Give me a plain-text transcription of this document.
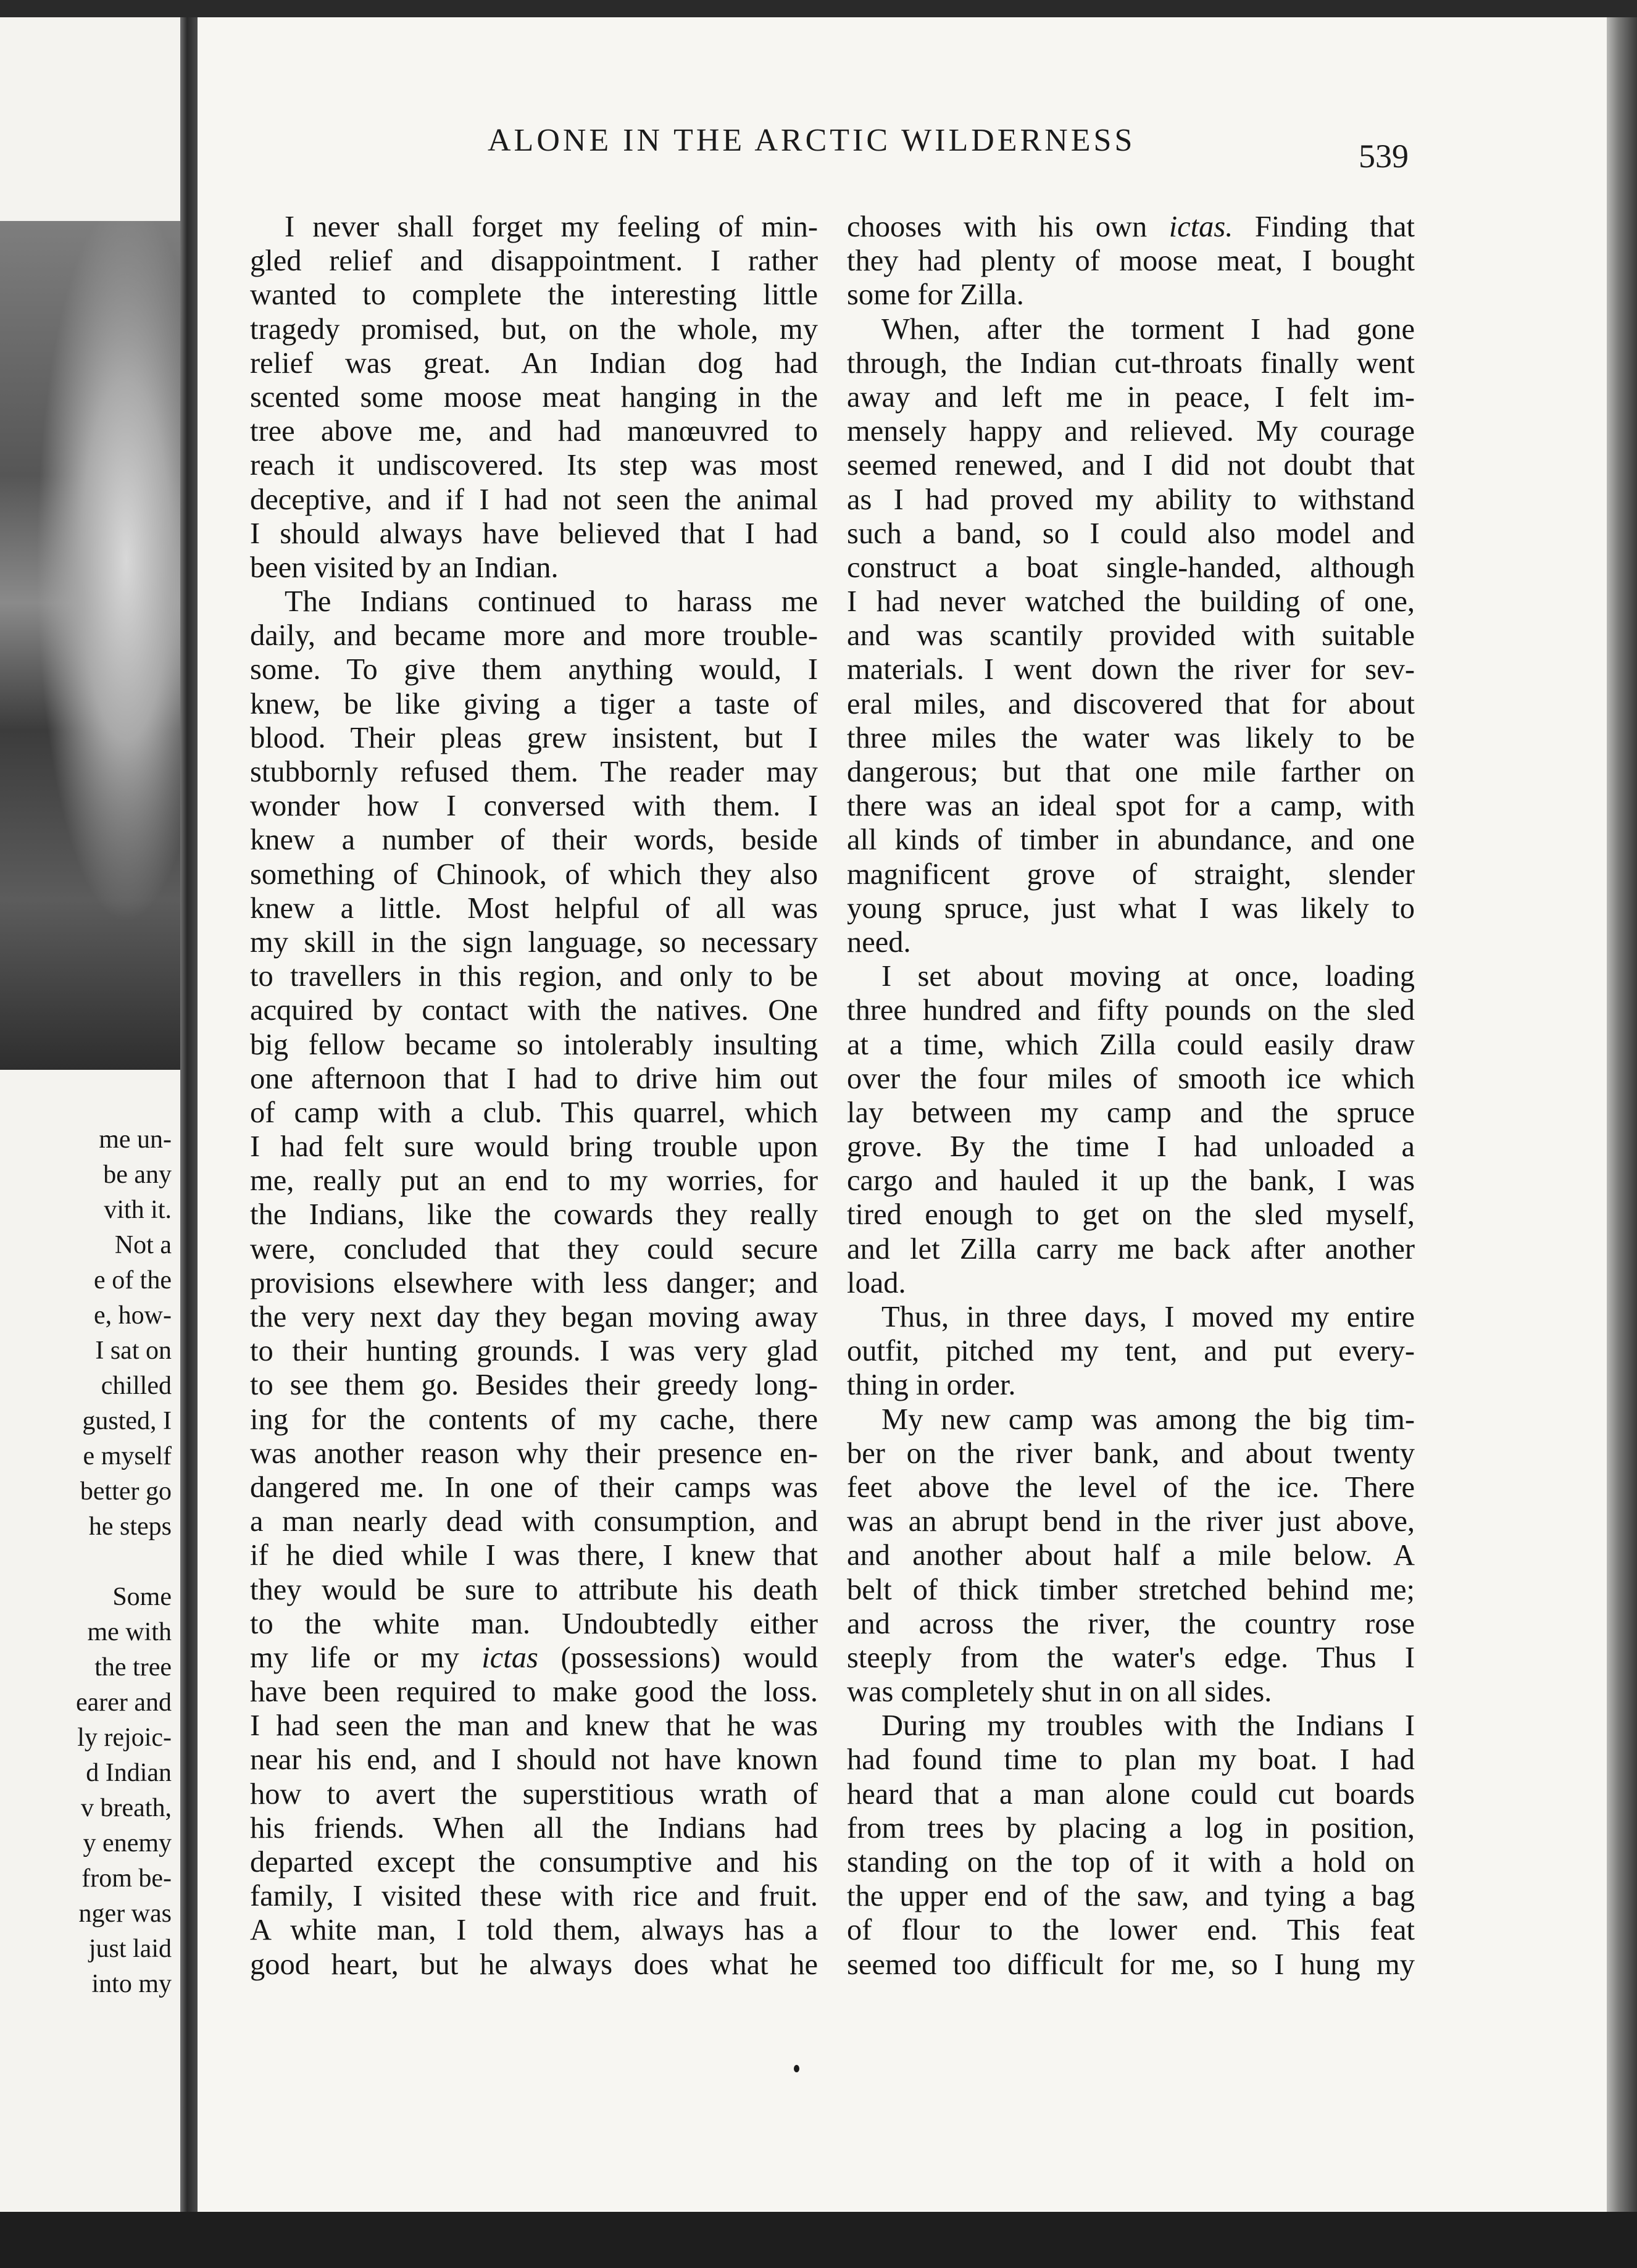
me un-
be any
vith it.
Not a
e of the
e, how-
I sat on
chilled
gusted, I
e myself
better go
he steps
Some
me with
the tree
earer and
ly rejoic-
d Indian
v breath,
y enemy
from be-
nger was
just laid
into my
ALONE IN THE ARCTIC WILDERNESS	539
I never shall forget my feeling of min-
gled relief and disappointment. I rather
wanted to complete the interesting little
tragedy promised, but, on the whole, my
relief was great. An Indian dog had
scented some moose meat hanging in the
tree above me, and had manœuvred to
reach it undiscovered. Its step was most
deceptive, and if I had not seen the animal
I should always have believed that I had
been visited by an Indian.
The Indians continued to harass me
daily, and became more and more trouble-
some. To give them anything would, I
knew, be like giving a tiger a taste of
blood. Their pleas grew insistent, but I
stubbornly refused them. The reader may
wonder how I conversed with them. I
knew a number of their words, beside
something of Chinook, of which they also
knew a little. Most helpful of all was
my skill in the sign language, so necessary
to travellers in this region, and only to be
acquired by contact with the natives. One
big fellow became so intolerably insulting
one afternoon that I had to drive him out
of camp with a club. This quarrel, which
I had felt sure would bring trouble upon
me, really put an end to my worries, for
the Indians, like the cowards they really
were, concluded that they could secure
provisions elsewhere with less danger; and
the very next day they began moving away
to their hunting grounds. I was very glad
to see them go. Besides their greedy long-
ing for the contents of my cache, there
was another reason why their presence en-
dangered me. In one of their camps was
a man nearly dead with consumption, and
if he died while I was there, I knew that
they would be sure to attribute his death
to the white man. Undoubtedly either
my life or my ictas (possessions) would
have been required to make good the loss.
I had seen the man and knew that he was
near his end, and I should not have known
how to avert the superstitious wrath of
his friends. When all the Indians had
departed except the consumptive and his
family, I visited these with rice and fruit.
A white man, I told them, always has a
good heart, but he always does what he
chooses with his own ictas. Finding that
they had plenty of moose meat, I bought
some for Zilla.
When, after the torment I had gone
through, the Indian cut-throats finally went
away and left me in peace, I felt im-
mensely happy and relieved. My courage
seemed renewed, and I did not doubt that
as I had proved my ability to withstand
such a band, so I could also model and
construct a boat single-handed, although
I had never watched the building of one,
and was scantily provided with suitable
materials. I went down the river for sev-
eral miles, and discovered that for about
three miles the water was likely to be
dangerous; but that one mile farther on
there was an ideal spot for a camp, with
all kinds of timber in abundance, and one
magnificent grove of straight, slender
young spruce, just what I was likely to
need.
I set about moving at once, loading
three hundred and fifty pounds on the sled
at a time, which Zilla could easily draw
over the four miles of smooth ice which
lay between my camp and the spruce
grove. By the time I had unloaded a
cargo and hauled it up the bank, I was
tired enough to get on the sled myself,
and let Zilla carry me back after another
load.
Thus, in three days, I moved my entire
outfit, pitched my tent, and put every-
thing in order.
My new camp was among the big tim-
ber on the river bank, and about twenty
feet above the level of the ice. There
was an abrupt bend in the river just above,
and another about half a mile below. A
belt of thick timber stretched behind me;
and across the river, the country rose
steeply from the water's edge. Thus I
was completely shut in on all sides.
During my troubles with the Indians I
had found time to plan my boat. I had
heard that a man alone could cut boards
from trees by placing a log in position,
standing on the top of it with a hold on
the upper end of the saw, and tying a bag
of flour to the lower end. This feat
seemed too difficult for me, so I hung my
